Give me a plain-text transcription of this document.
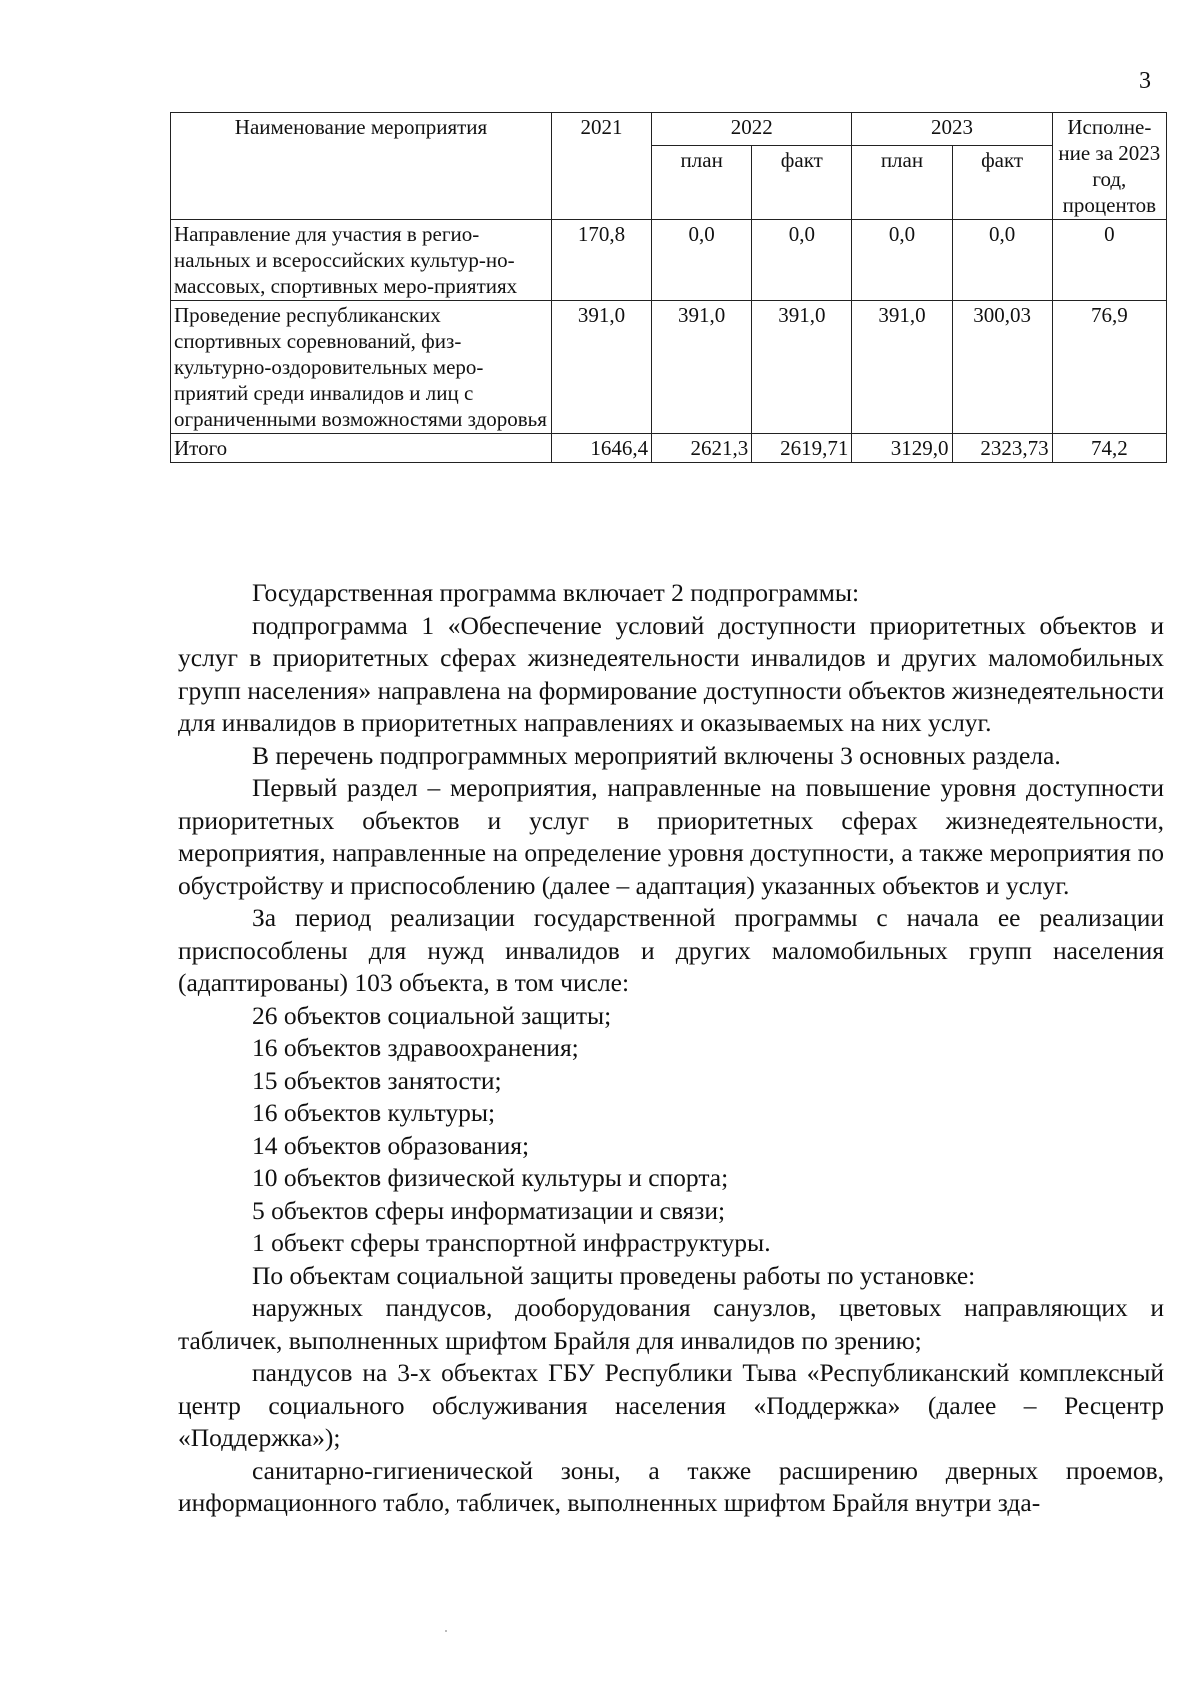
3
Наименование мероприятия	2021	2022		2023		Исполне-ние за 2023 год, процентов
		план	факт	план	факт	
Направление для участия в регио-нальных и всероссийских культур-но-массовых, спортивных меро-приятиях	170,8	0,0	0,0	0,0	0,0	0
Проведение республиканских спортивных соревнований, физ-культурно-оздоровительных меро-приятий среди инвалидов и лиц с ограниченными возможностями здоровья	391,0	391,0	391,0	391,0	300,03	76,9
Итого	1646,4	2621,3	2619,71	3129,0	2323,73	74,2

Государственная программа включает 2 подпрограммы:

подпрограмма 1 «Обеспечение условий доступности приоритетных объектов и услуг в приоритетных сферах жизнедеятельности инвалидов и других маломобильных групп населения» направлена на формирование доступности объектов жизнедеятельности для инвалидов в приоритетных направлениях и оказываемых на них услуг.

В перечень подпрограммных мероприятий включены 3 основных раздела.

Первый раздел – мероприятия, направленные на повышение уровня доступности приоритетных объектов и услуг в приоритетных сферах жизнедеятельности, мероприятия, направленные на определение уровня доступности, а также мероприятия по обустройству и приспособлению (далее – адаптация) указанных объектов и услуг.

За период реализации государственной программы с начала ее реализации приспособлены для нужд инвалидов и других маломобильных групп населения (адаптированы) 103 объекта, в том числе:

26 объектов социальной защиты;

16 объектов здравоохранения;

15 объектов занятости;

16 объектов культуры;

14 объектов образования;

10 объектов физической культуры и спорта;

5 объектов сферы информатизации и связи;

1 объект сферы транспортной инфраструктуры.

По объектам социальной защиты проведены работы по установке:

наружных пандусов, дооборудования санузлов, цветовых направляющих и табличек, выполненных шрифтом Брайля для инвалидов по зрению;

пандусов на 3-х объектах ГБУ Республики Тыва «Республиканский комплексный центр социального обслуживания населения «Поддержка» (далее – Ресцентр «Поддержка»);

санитарно-гигиенической зоны, а также расширению дверных проемов, информационного табло, табличек, выполненных шрифтом Брайля внутри зда-
